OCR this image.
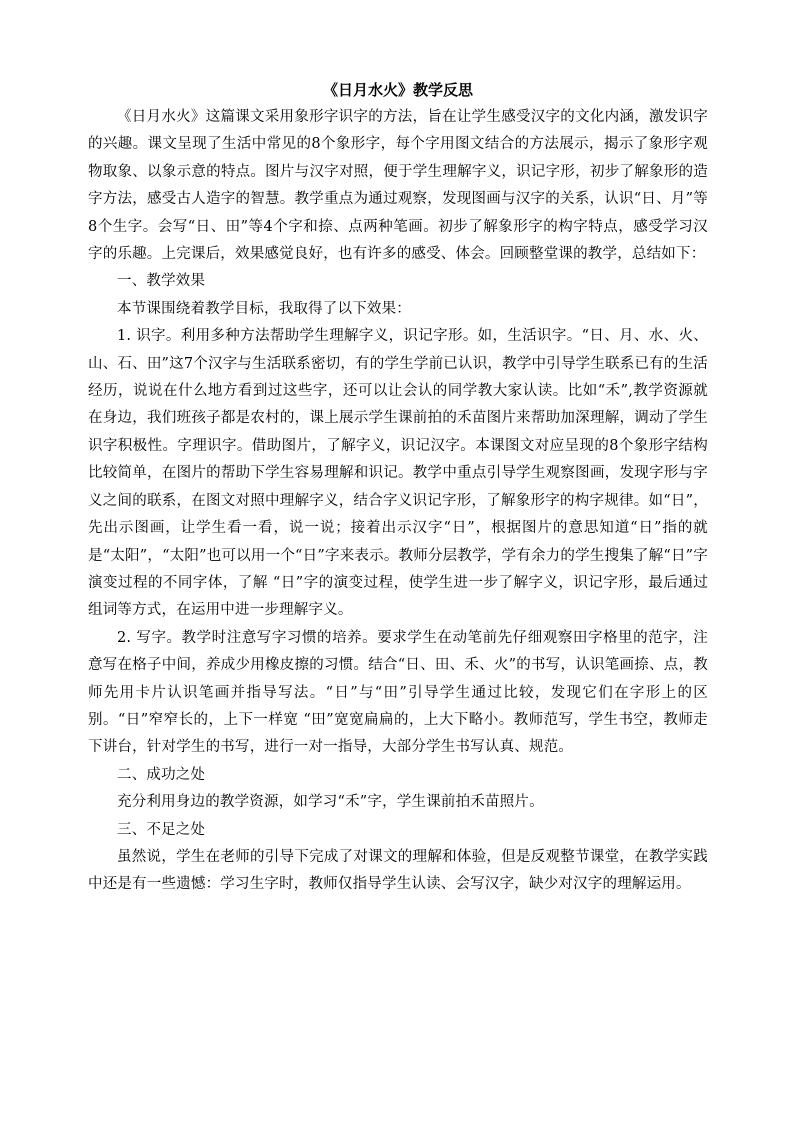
《日月水火》教学反思

《日月水火》这篇课文采用象形字识字的方法，旨在让学生感受汉字的文化内涵，激发识字的兴趣。课文呈现了生活中常见的8个象形字，每个字用图文结合的方法展示，揭示了象形字观物取象、以象示意的特点。图片与汉字对照，便于学生理解字义，识记字形，初步了解象形的造字方法，感受古人造字的智慧。教学重点为通过观察，发现图画与汉字的关系，认识“日、月”等8个生字。会写“日、田”等4个字和捺、点两种笔画。初步了解象形字的构字特点，感受学习汉字的乐趣。上完课后，效果感觉良好，也有许多的感受、体会。回顾整堂课的教学，总结如下：

一、教学效果

本节课围绕着教学目标，我取得了以下效果：

1. 识字。利用多种方法帮助学生理解字义，识记字形。如，生活识字。“日、月、水、火、山、石、田”这7个汉字与生活联系密切，有的学生学前已认识，教学中引导学生联系已有的生活经历，说说在什么地方看到过这些字，还可以让会认的同学教大家认读。比如“禾”,教学资源就在身边，我们班孩子都是农村的，课上展示学生课前拍的禾苗图片来帮助加深理解，调动了学生识字积极性。字理识字。借助图片，了解字义，识记汉字。本课图文对应呈现的8个象形字结构比较简单，在图片的帮助下学生容易理解和识记。教学中重点引导学生观察图画，发现字形与字义之间的联系，在图文对照中理解字义，结合字义识记字形，了解象形字的构字规律。如“日”，先出示图画，让学生看一看，说一说；接着出示汉字“日”，根据图片的意思知道“日”指的就是“太阳”，“太阳”也可以用一个“日”字来表示。教师分层教学，学有余力的学生搜集了解“日”字演变过程的不同字体，了解 “日”字的演变过程，使学生进一步了解字义，识记字形，最后通过组词等方式，在运用中进一步理解字义。

2. 写字。教学时注意写字习惯的培养。要求学生在动笔前先仔细观察田字格里的范字，注意写在格子中间，养成少用橡皮擦的习惯。结合“日、田、禾、火”的书写，认识笔画捺、点，教师先用卡片认识笔画并指导写法。“日”与“田”引导学生通过比较，发现它们在字形上的区别。“日”窄窄长的，上下一样宽 “田”宽宽扁扁的，上大下略小。教师范写，学生书空，教师走下讲台，针对学生的书写，进行一对一指导，大部分学生书写认真、规范。

二、成功之处

充分利用身边的教学资源，如学习“禾”字，学生课前拍禾苗照片。

三、不足之处

虽然说，学生在老师的引导下完成了对课文的理解和体验，但是反观整节课堂，在教学实践中还是有一些遗憾：学习生字时，教师仅指导学生认读、会写汉字，缺少对汉字的理解运用。
